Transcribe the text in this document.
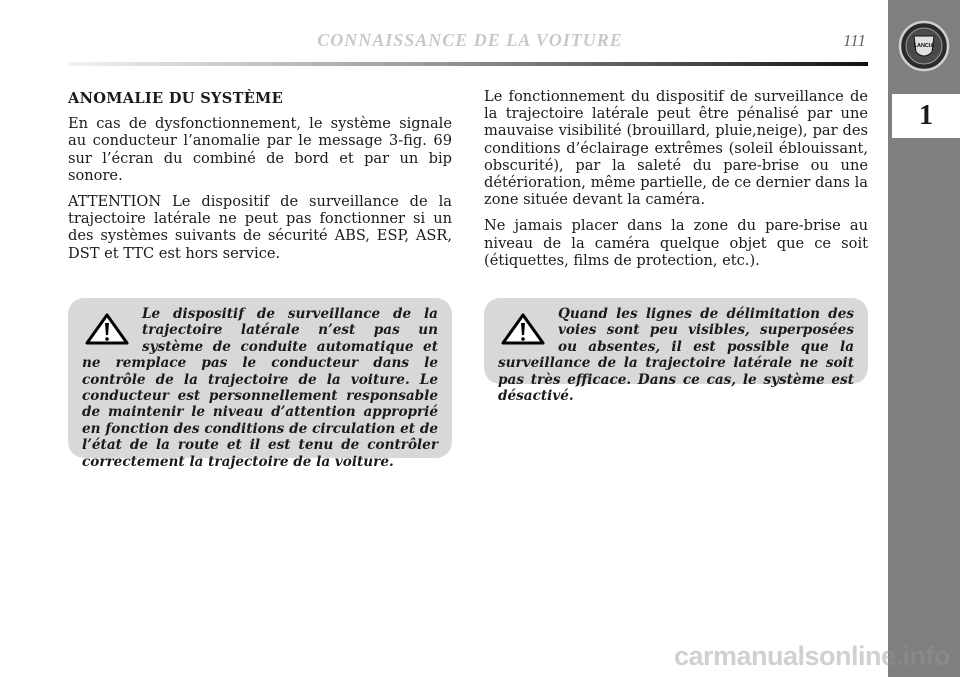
CONNAISSANCE DE LA VOITURE	111
ANOMALIE DU SYSTÈME

En cas de dysfonctionnement, le système signale au conducteur l’anomalie par le message 3-fig. 69 sur l’écran du combiné de bord et par un bip sonore.

ATTENTION Le dispositif de surveillance de la trajectoire latérale ne peut pas fonctionner si un des systèmes suivants de sécurité ABS, ESP, ASR, DST et TTC est hors service.

Le fonctionnement du dispositif de surveillance de la trajectoire latérale peut être pénalisé par une mauvaise visibilité (brouillard, pluie,neige), par des conditions d’éclairage extrêmes (soleil éblouissant, obscurité), par la saleté du pare-brise ou une détérioration, même partielle, de ce dernier dans la zone située devant la caméra.

Ne jamais placer dans la zone du pare-brise au niveau de la caméra quelque objet que ce soit (étiquettes, films de protection, etc.).

Le dispositif de surveillance de la trajectoire latérale n’est pas un système de conduite automatique et ne remplace pas le conducteur dans le contrôle de la trajectoire de la voiture. Le conducteur est personnellement responsable de maintenir le niveau d’attention approprié en fonction des conditions de circulation et de l’état de la route et il est tenu de contrôler correctement la trajectoire de la voiture.

Quand les lignes de délimitation des voies sont peu visibles, superposées ou absentes, il est possible que la surveillance de la trajectoire latérale ne soit pas très efficace. Dans ce cas, le système est désactivé.

LANCIA
1
carmanualsonline.info
